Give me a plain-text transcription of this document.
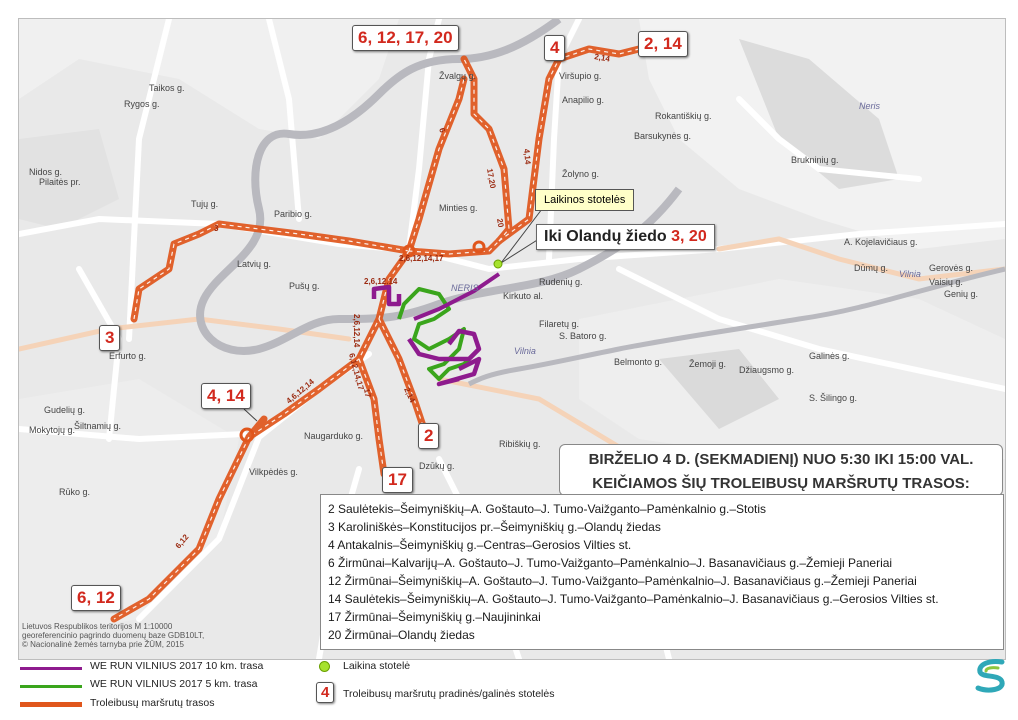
NERIS
Vilnia
Vilnia
Neris
17,20
4,14
2,14
3
2,6,12,14,17
2,6,12,14
2,6,12,14
6,12,14,17
4,6,12,14	2,14
17
6,12
6
20
Žvalgų g.	Viršupio g.
Anapilio g.
Rokantiškių g.
Barsukynės g.
Brukninių g.
Taikos g.
Rygos g.
Nidos g.
Pilaitės pr.
Tujų g.
Paribio g.
Minties g.
Žolyno g.
Latvių g.
Pušų g.
Erfurto g.
Gudelių g.
Šiltnamių g.
Rūko g.
Vilkpėdės g.
Naugarduko g.
Dzūkų g.
Kirkuto al.
Rudenių g.
Filaretų g.
S. Batoro g.
Belmonto g.	Žemoji g.
Galinės g.
Džiaugsmo g.
S. Šilingo g.
Ribiškių g.
A. Kojelavičiaus g.
Gerovės g.
Genių g.
Vaisių g.
Dūmų g.
Mokytojų g.
6, 12, 17, 20
4	2, 14
3
4, 14
2
17
6, 12
Laikinos stotelės
Iki Olandų žiedo 3, 20
BIRŽELIO 4 D. (SEKMADIENĮ) NUO 5:30 IKI 15:00 VAL.
KEIČIAMOS ŠIŲ TROLEIBUSŲ MARŠRUTŲ TRASOS:
2 Saulėtekis–Šeimyniškių–A. Goštauto–J. Tumo-Vaižganto–Pamėnkalnio g.–Stotis
3 Karoliniškės–Konstitucijos pr.–Šeimyniškių g.–Olandų žiedas
4 Antakalnis–Šeimyniškių g.–Centras–Gerosios Vilties st.
6 Žirmūnai–Kalvarijų–A. Goštauto–J. Tumo-Vaižganto–Pamėnkalnio–J. Basanavičiaus g.–Žemieji Paneriai
12 Žirmūnai–Šeimyniškių–A. Goštauto–J. Tumo-Vaižganto–Pamėnkalnio–J. Basanavičiaus g.–Žemieji Paneriai
14 Saulėtekis–Šeimyniškių–A. Goštauto–J. Tumo-Vaižganto–Pamėnkalnio–J. Basanavičiaus g.–Gerosios Vilties st.
17 Žirmūnai–Šeimyniškių g.–Naujininkai
20 Žirmūnai–Olandų žiedas
Lietuvos Respublikos teritorijos M 1:10000
georeferencinio pagrindo duomenų baze GDB10LT,
© Nacionalinė žemės tarnyba prie ŽŪM, 2015
WE RUN VILNIUS 2017 10 km. trasa
WE RUN VILNIUS 2017 5 km. trasa
Troleibusų maršrutų trasos
Laikina stotelė
4	Troleibusų maršrutų pradinės/galinės stotelės
